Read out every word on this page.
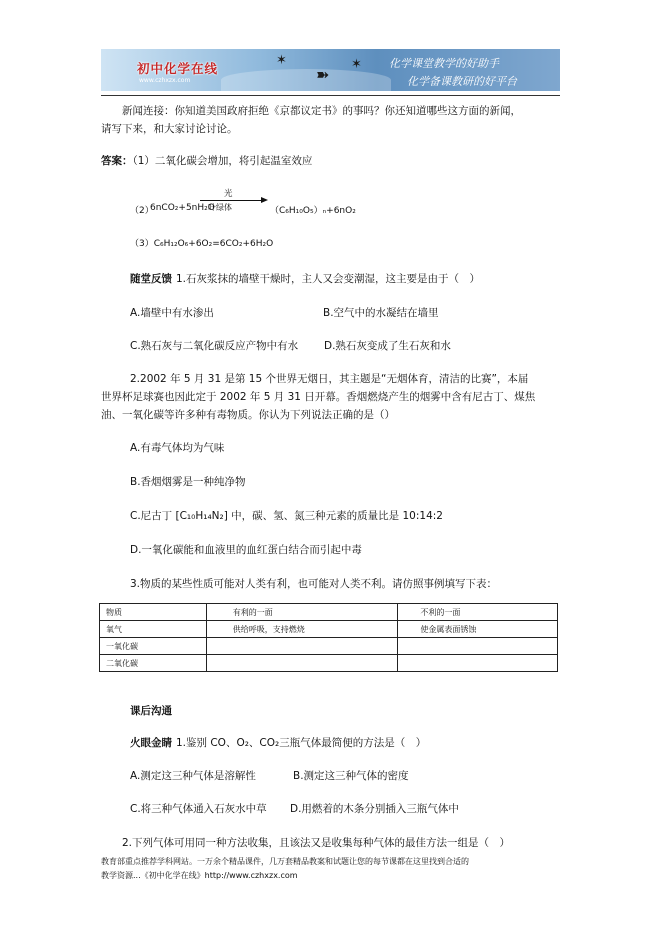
✶
➽
✶
初中化学在线
www.czhxzx.com
化学课堂教学的好助手
化学备课教研的好平台
新闻连接：你知道美国政府拒绝《京都议定书》的事吗？你还知道哪些这方面的新闻，
请写下来，和大家讨论讨论。
答案：（1）二氧化碳会增加，将引起温室效应
（2）
6nCO₂+5nH₂O
光
叶绿体	（C₆H₁₀O₅）ₙ+6nO₂
（3）C₆H₁₂O₆+6O₂=6CO₂+6H₂O
随堂反馈 1.石灰浆抹的墙壁干燥时，主人又会变潮湿，这主要是由于（　）
A.墙壁中有水渗出	B.空气中的水凝结在墙里
C.熟石灰与二氧化碳反应产物中有水 D.熟石灰变成了生石灰和水
2.2002 年 5 月 31 是第 15 个世界无烟日，其主题是“无烟体育，清洁的比赛”，本届
世界杯足球赛也因此定于 2002 年 5 月 31 日开幕。香烟燃烧产生的烟雾中含有尼古丁、煤焦
油、一氧化碳等许多种有毒物质。你认为下列说法正确的是（）
A.有毒气体均为气味
B.香烟烟雾是一种纯净物
C.尼古丁 [C₁₀H₁₄N₂] 中，碳、氢、氮三种元素的质量比是 10:14:2
D.一氧化碳能和血液里的血红蛋白结合而引起中毒
3.物质的某些性质可能对人类有利，也可能对人类不利。请仿照事例填写下表：
物质	有利的一面	不利的一面
氧气	供给呼吸，支持燃烧	使金属表面锈蚀
一氧化碳		
二氧化碳		
课后沟通
火眼金睛 1.鉴别 CO、O₂、CO₂三瓶气体最简便的方法是（　）
A.测定这三种气体是溶解性	B.测定这三种气体的密度
C.将三种气体通入石灰水中草 D.用燃着的木条分别插入三瓶气体中
2.下列气体可用同一种方法收集，且该法又是收集每种气体的最佳方法一组是（　）
教育部重点推荐学科网站。一万余个精品课件，几万套精品教案和试题让您的每节课都在这里找到合适的
教学资源...《初中化学在线》http://www.czhxzx.com
